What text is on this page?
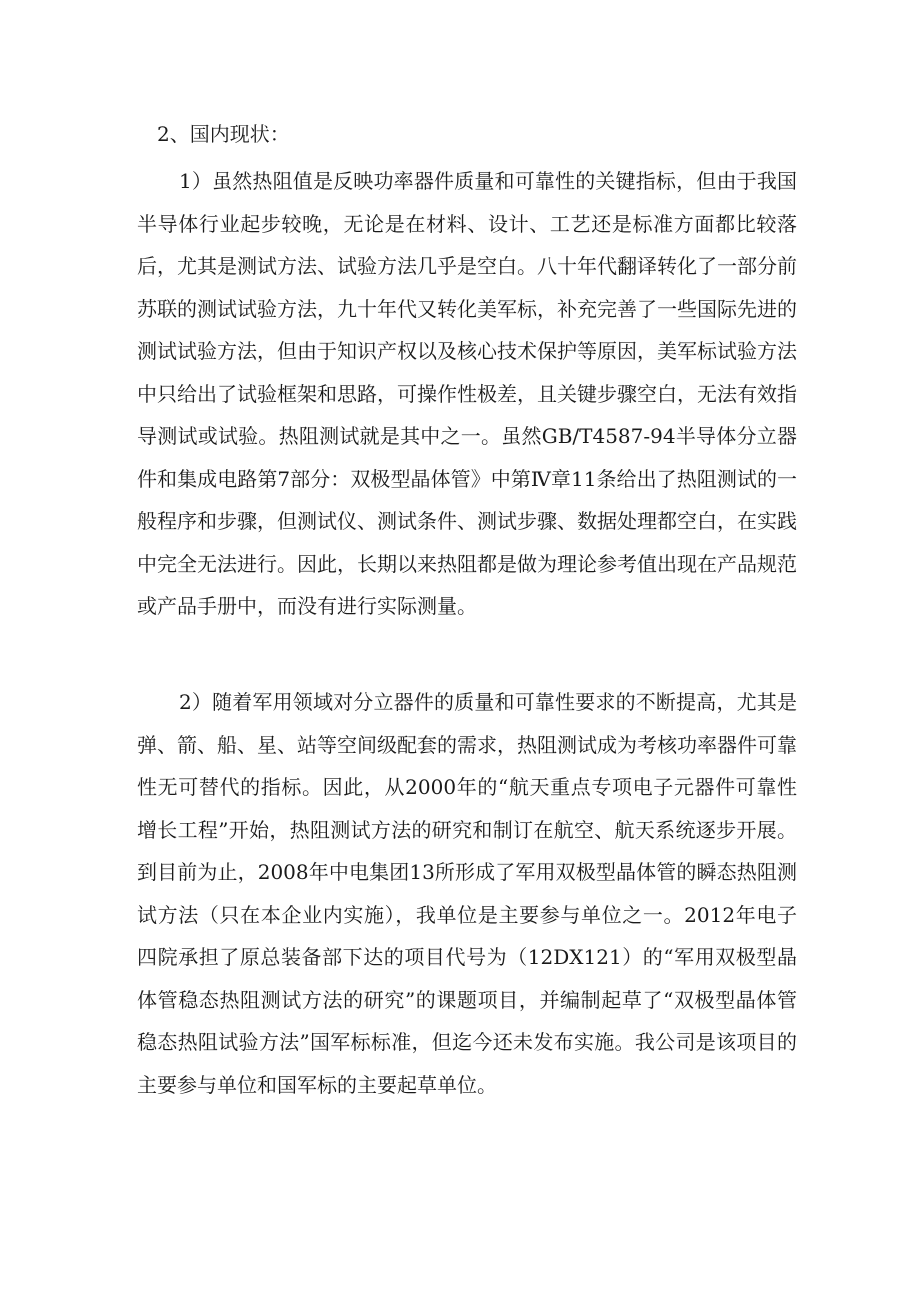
2、国内现状：

1）虽然热阻值是反映功率器件质量和可靠性的关键指标，但由于我国半导体行业起步较晚，无论是在材料、设计、工艺还是标准方面都比较落后，尤其是测试方法、试验方法几乎是空白。八十年代翻译转化了一部分前苏联的测试试验方法，九十年代又转化美军标，补充完善了一些国际先进的测试试验方法，但由于知识产权以及核心技术保护等原因，美军标试验方法中只给出了试验框架和思路，可操作性极差，且关键步骤空白，无法有效指导测试或试验。热阻测试就是其中之一。虽然GB/T4587-94半导体分立器件和集成电路第7部分：双极型晶体管》中第Ⅳ章11条给出了热阻测试的一般程序和步骤，但测试仪、测试条件、测试步骤、数据处理都空白，在实践中完全无法进行。因此，长期以来热阻都是做为理论参考值出现在产品规范或产品手册中，而没有进行实际测量。

2）随着军用领域对分立器件的质量和可靠性要求的不断提高，尤其是弹、箭、船、星、站等空间级配套的需求，热阻测试成为考核功率器件可靠性无可替代的指标。因此，从2000年的“航天重点专项电子元器件可靠性增长工程”开始，热阻测试方法的研究和制订在航空、航天系统逐步开展。到目前为止，2008年中电集团13所形成了军用双极型晶体管的瞬态热阻测试方法（只在本企业内实施），我单位是主要参与单位之一。2012年电子四院承担了原总装备部下达的项目代号为（12DX121）的“军用双极型晶体管稳态热阻测试方法的研究”的课题项目，并编制起草了“双极型晶体管稳态热阻试验方法”国军标标准，但迄今还未发布实施。我公司是该项目的主要参与单位和国军标的主要起草单位。
